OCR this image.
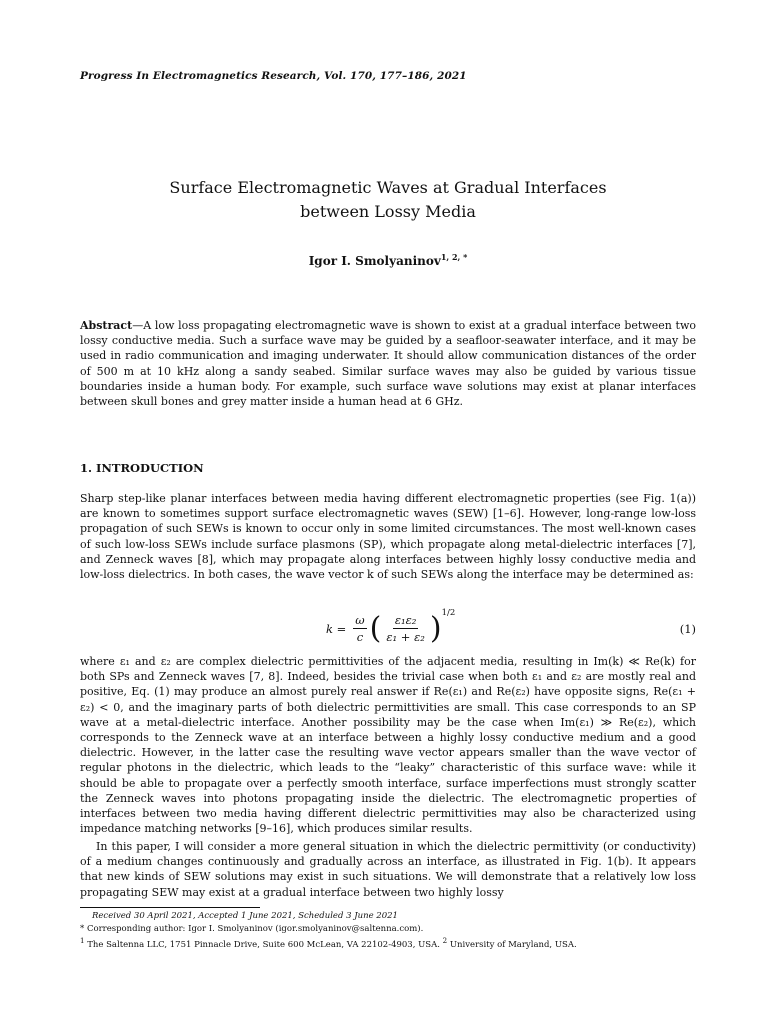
Progress In Electromagnetics Research, Vol. 170, 177–186, 2021
Surface Electromagnetic Waves at Gradual Interfaces
between Lossy Media
Igor I. Smolyaninov$^{1, 2, *}$
Abstract—A low loss propagating electromagnetic wave is shown to exist at a gradual interface between two lossy conductive media. Such a surface wave may be guided by a seafloor-seawater interface, and it may be used in radio communication and imaging underwater. It should allow communication distances of the order of 500 m at 10 kHz along a sandy seabed. Similar surface waves may also be guided by various tissue boundaries inside a human body. For example, such surface wave solutions may exist at planar interfaces between skull bones and grey matter inside a human head at 6 GHz.
1. INTRODUCTION
Sharp step-like planar interfaces between media having different electromagnetic properties (see Fig. 1(a)) are known to sometimes support surface electromagnetic waves (SEW) [1–6]. However, long-range low-loss propagation of such SEWs is known to occur only in some limited circumstances. The most well-known cases of such low-loss SEWs include surface plasmons (SP), which propagate along metal-dielectric interfaces [7], and Zenneck waves [8], which may propagate along interfaces between highly lossy conductive media and low-loss dielectrics. In both cases, the wave vector k of such SEWs along the interface may be determined as:
$k = \frac{\omega}{c}$ ( $\frac{\text{ε₁ε₂}}{\text{ε₁ + ε₂}}$ ) 1/2
(1)
where ε₁ and ε₂ are complex dielectric permittivities of the adjacent media, resulting in Im(k) ≪ Re(k) for both SPs and Zenneck waves [7, 8]. Indeed, besides the trivial case when both ε₁ and ε₂ are mostly real and positive, Eq. (1) may produce an almost purely real answer if Re(ε₁) and Re(ε₂) have opposite signs, Re(ε₁ + ε₂) < 0, and the imaginary parts of both dielectric permittivities are small. This case corresponds to an SP wave at a metal-dielectric interface. Another possibility may be the case when Im(ε₁) ≫ Re(ε₂), which corresponds to the Zenneck wave at an interface between a highly lossy conductive medium and a good dielectric. However, in the latter case the resulting wave vector appears smaller than the wave vector of regular photons in the dielectric, which leads to the “leaky” characteristic of this surface wave: while it should be able to propagate over a perfectly smooth interface, surface imperfections must strongly scatter the Zenneck waves into photons propagating inside the dielectric. The electromagnetic properties of interfaces between two media having different dielectric permittivities may also be characterized using impedance matching networks [9–16], which produces similar results.
In this paper, I will consider a more general situation in which the dielectric permittivity (or conductivity) of a medium changes continuously and gradually across an interface, as illustrated in Fig. 1(b). It appears that new kinds of SEW solutions may exist in such situations. We will demonstrate that a relatively low loss propagating SEW may exist at a gradual interface between two highly lossy
Received 30 April 2021, Accepted 1 June 2021, Scheduled 3 June 2021
* Corresponding author: Igor I. Smolyaninov (igor.smolyaninov@saltenna.com).
$^1$ The Saltenna LLC, 1751 Pinnacle Drive, Suite 600 McLean, VA 22102-4903, USA. $^2$ University of Maryland, USA.
